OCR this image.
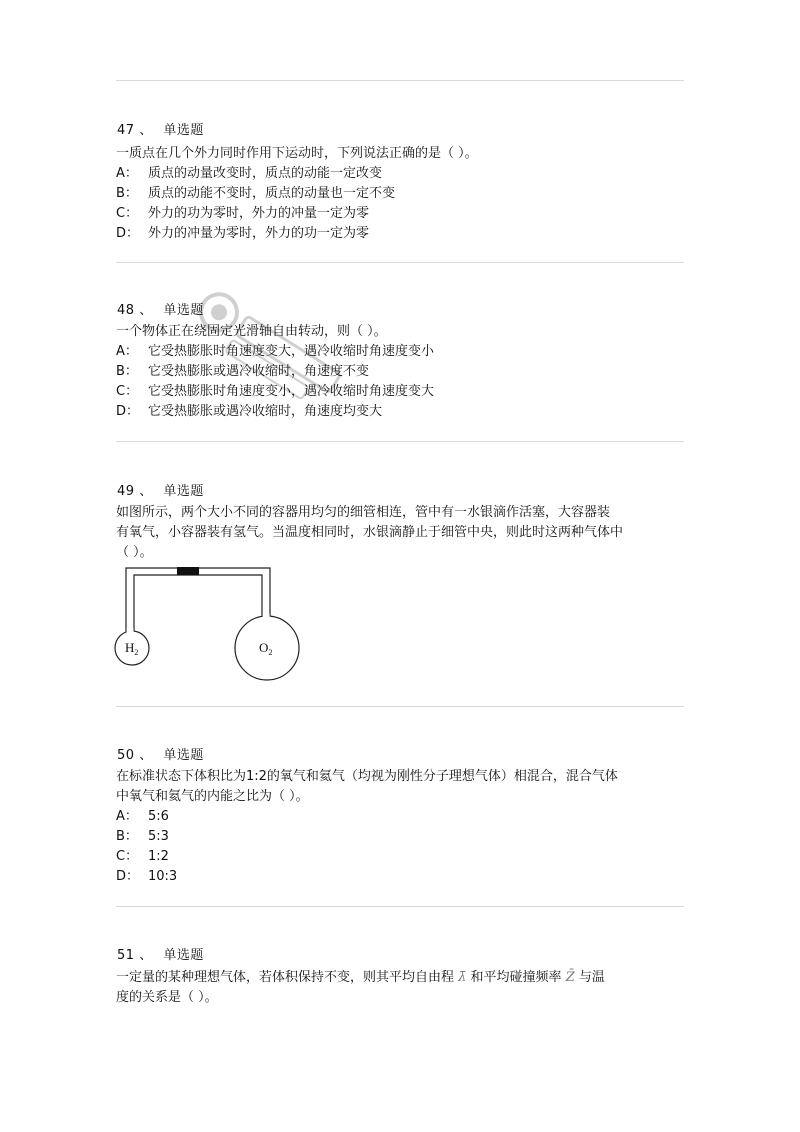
47 、 单选题

一质点在几个外力同时作用下运动时，下列说法正确的是（ ）。

A： 质点的动量改变时，质点的动能一定改变
B： 质点的动能不变时，质点的动量也一定不变
C： 外力的功为零时，外力的冲量一定为零
D： 外力的冲量为零时，外力的功一定为零
48 、 单选题

一个物体正在绕固定光滑轴自由转动，则（ ）。

A： 它受热膨胀时角速度变大，遇冷收缩时角速度变小
B： 它受热膨胀或遇冷收缩时，角速度不变
C： 它受热膨胀时角速度变小，遇冷收缩时角速度变大
D： 它受热膨胀或遇冷收缩时，角速度均变大
49 、 单选题

如图所示，两个大小不同的容器用均匀的细管相连，管中有一水银滴作活塞，大容器装

有氧气，小容器装有氢气。当温度相同时，水银滴静止于细管中央，则此时这两种气体中

（ ）。

$H_2$	$O_2$
50 、 单选题

在标准状态下体积比为1:2的氧气和氦气（均视为刚性分子理想气体）相混合，混合气体

中氧气和氦气的内能之比为（ ）。

A： 5:6
B： 5:3
C： 1:2
D： 10:3
51 、 单选题

一定量的某种理想气体，若体积保持不变，则其平均自由程 λ̄ 和平均碰撞频率 Z̄ 与温

度的关系是（ ）。
